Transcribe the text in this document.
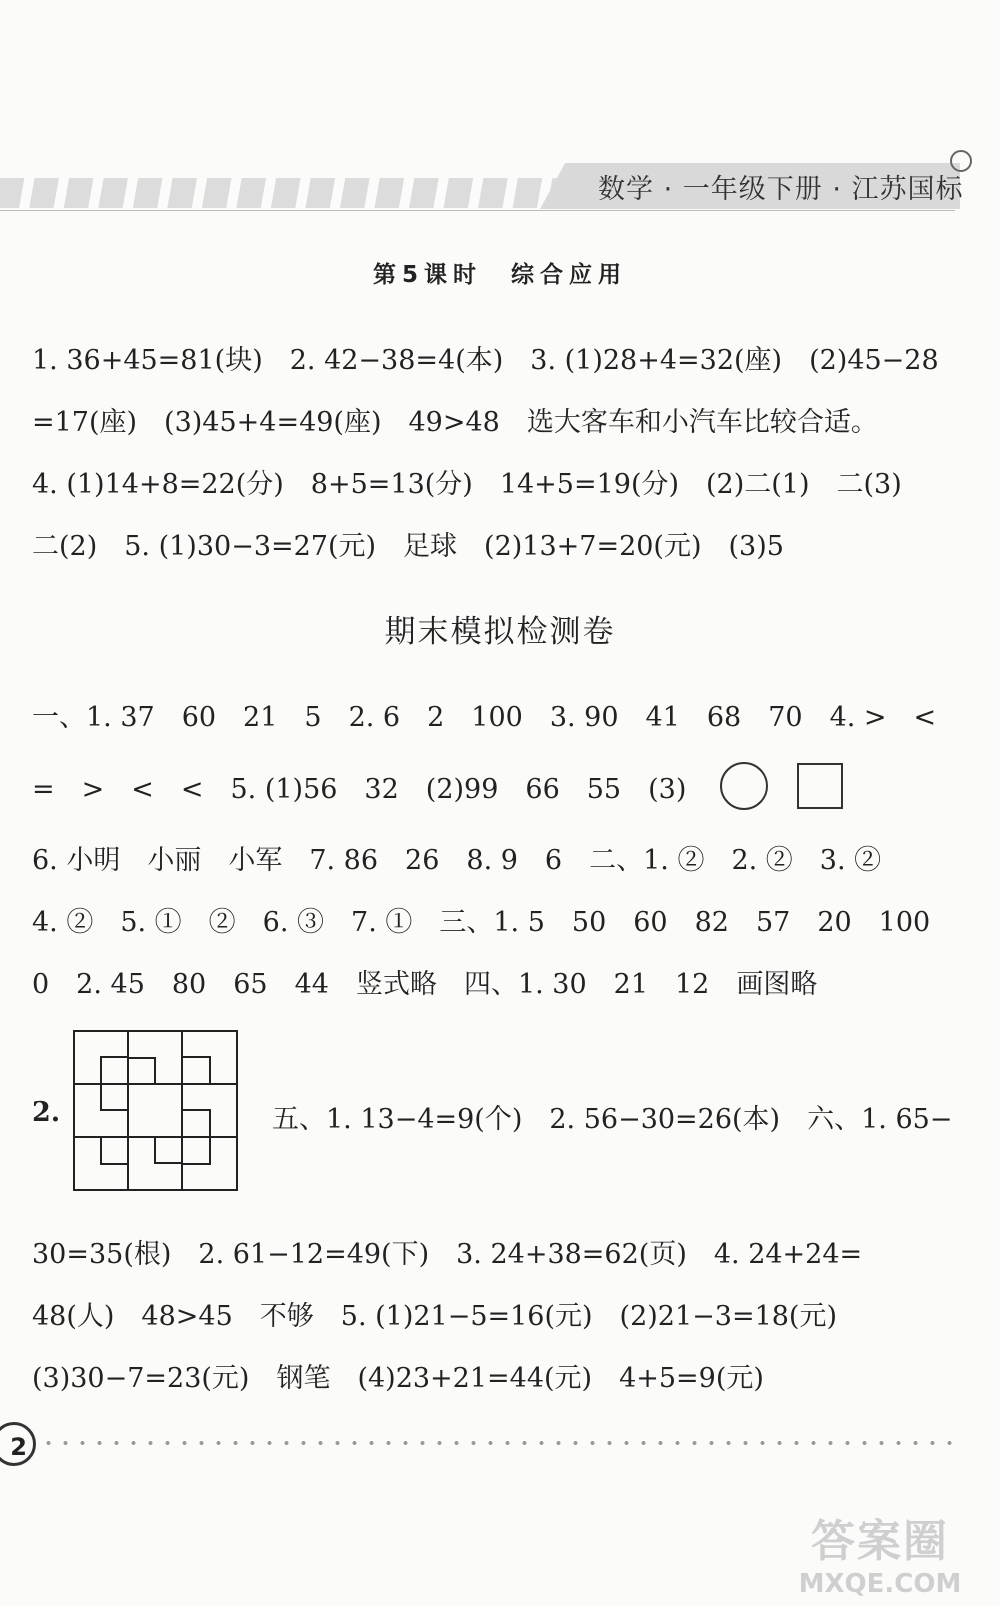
数学 · 一年级下册 · 江苏国标
第5课时　综合应用
1. 36+45=81(块)　2. 42−38=4(本)　3. (1)28+4=32(座)　(2)45−28
=17(座)　(3)45+4=49(座)　49>48　选大客车和小汽车比较合适。
4. (1)14+8=22(分)　8+5=13(分)　14+5=19(分)　(2)二(1)　二(3)
二(2)　5. (1)30−3=27(元)　足球　(2)13+7=20(元)　(3)5
期末模拟检测卷
一、1. 37　60　21　5　2. 6　2　100　3. 90　41　68　70　4. >　<
=　>　<　<　5. (1)56　32　(2)99　66　55　(3)
6. 小明　小丽　小军　7. 86　26　8. 9　6　二、1. ②　2. ②　3. ②
4. ②　5. ①　②　6. ③　7. ①　三、1. 5　50　60　82　57　20　100
0　2. 45　80　65　44　竖式略　四、1. 30　21　12　画图略
2.	五、1. 13−4=9(个)　2. 56−30=26(本)　六、1. 65−
30=35(根)　2. 61−12=49(下)　3. 24+38=62(页)　4. 24+24=
48(人)　48>45　不够　5. (1)21−5=16(元)　(2)21−3=18(元)
(3)30−7=23(元)　钢笔　(4)23+21=44(元)　4+5=9(元)
2
答案圈
MXQE.COM
